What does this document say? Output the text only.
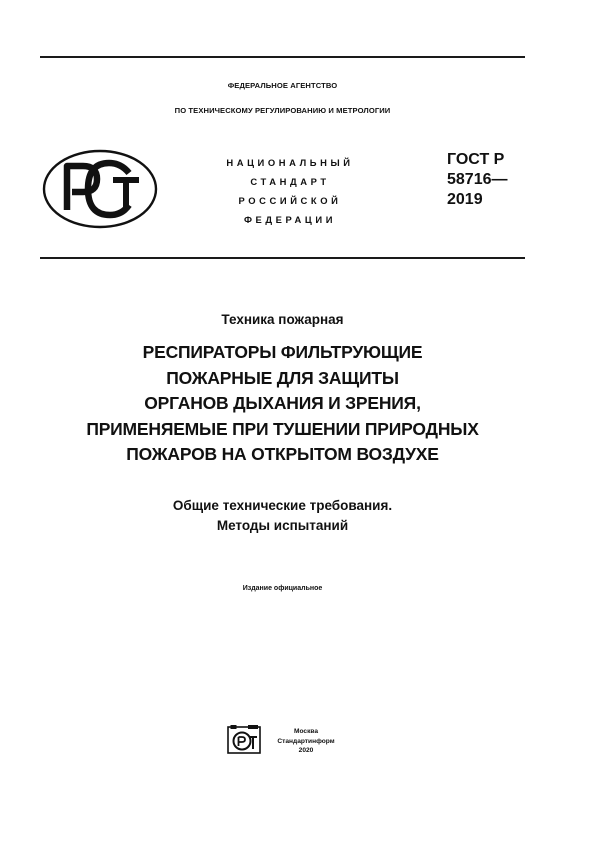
ФЕДЕРАЛЬНОЕ АГЕНТСТВО
ПО ТЕХНИЧЕСКОМУ РЕГУЛИРОВАНИЮ И МЕТРОЛОГИИ
НАЦИОНАЛЬНЫЙ
СТАНДАРТ
РОССИЙСКОЙ
ФЕДЕРАЦИИ
ГОСТ Р
58716—
2019
Техника пожарная
РЕСПИРАТОРЫ ФИЛЬТРУЮЩИЕ
ПОЖАРНЫЕ ДЛЯ ЗАЩИТЫ
ОРГАНОВ ДЫХАНИЯ И ЗРЕНИЯ,
ПРИМЕНЯЕМЫЕ ПРИ ТУШЕНИИ ПРИРОДНЫХ
ПОЖАРОВ НА ОТКРЫТОМ ВОЗДУХЕ
Общие технические требования.
Методы испытаний
Издание официальное
Москва
Стандартинформ
2020
